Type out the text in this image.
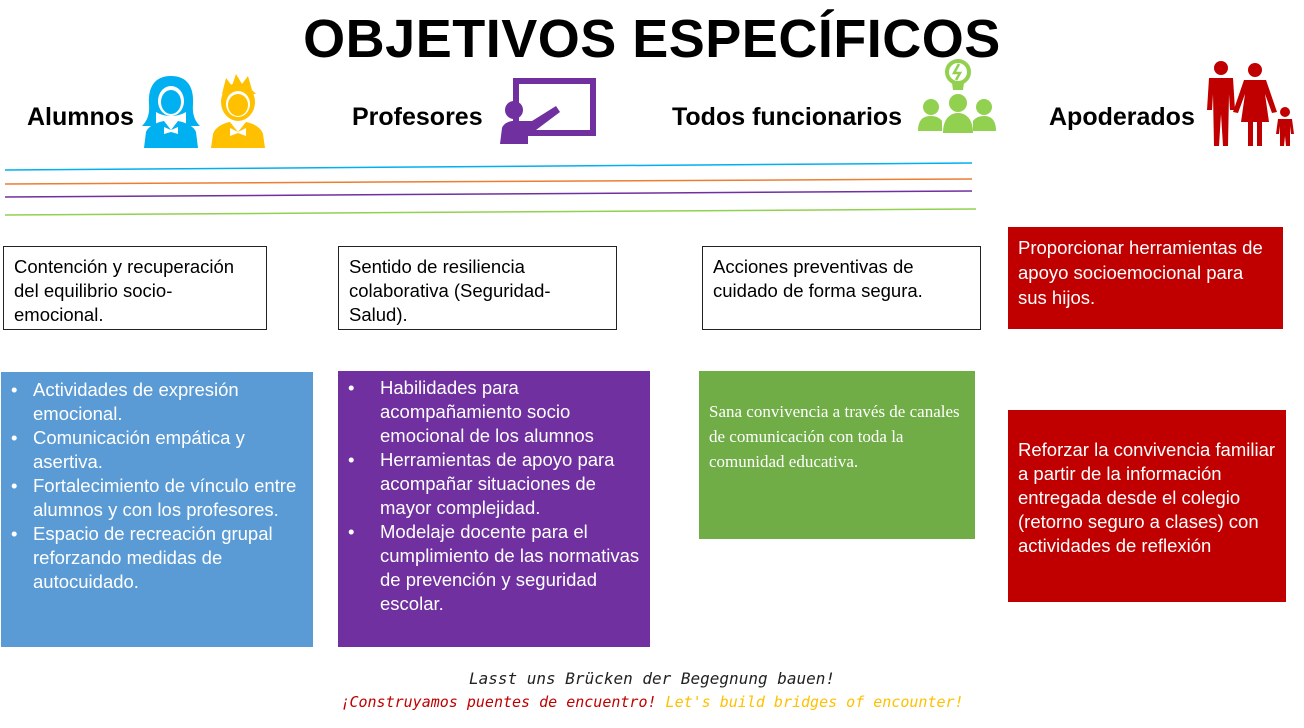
OBJETIVOS ESPECÍFICOS
Alumnos	Profesores	Todos funcionarios	Apoderados
Contención y recuperación del equilibrio socio-emocional.
Sentido de resiliencia colaborativa (Seguridad-Salud).
Acciones preventivas de cuidado de forma segura.
Proporcionar herramientas de apoyo socioemocional para sus hijos.
• Actividades de expresión emocional.
• Comunicación empática y asertiva.
• Fortalecimiento de vínculo entre alumnos y con los profesores.
• Espacio de recreación grupal reforzando medidas de autocuidado.
• Habilidades para acompañamiento socio emocional de los alumnos
• Herramientas de apoyo para acompañar situaciones de mayor complejidad.
• Modelaje docente para el cumplimiento de las normativas de prevención y seguridad escolar.
Sana convivencia a través de canales de comunicación con toda la comunidad educativa.
Reforzar la convivencia familiar a partir de la información entregada desde el colegio (retorno seguro a clases) con actividades de reflexión
Lasst uns Brücken der Begegnung bauen!
¡Construyamos puentes de encuentro! Let's build bridges of encounter!
